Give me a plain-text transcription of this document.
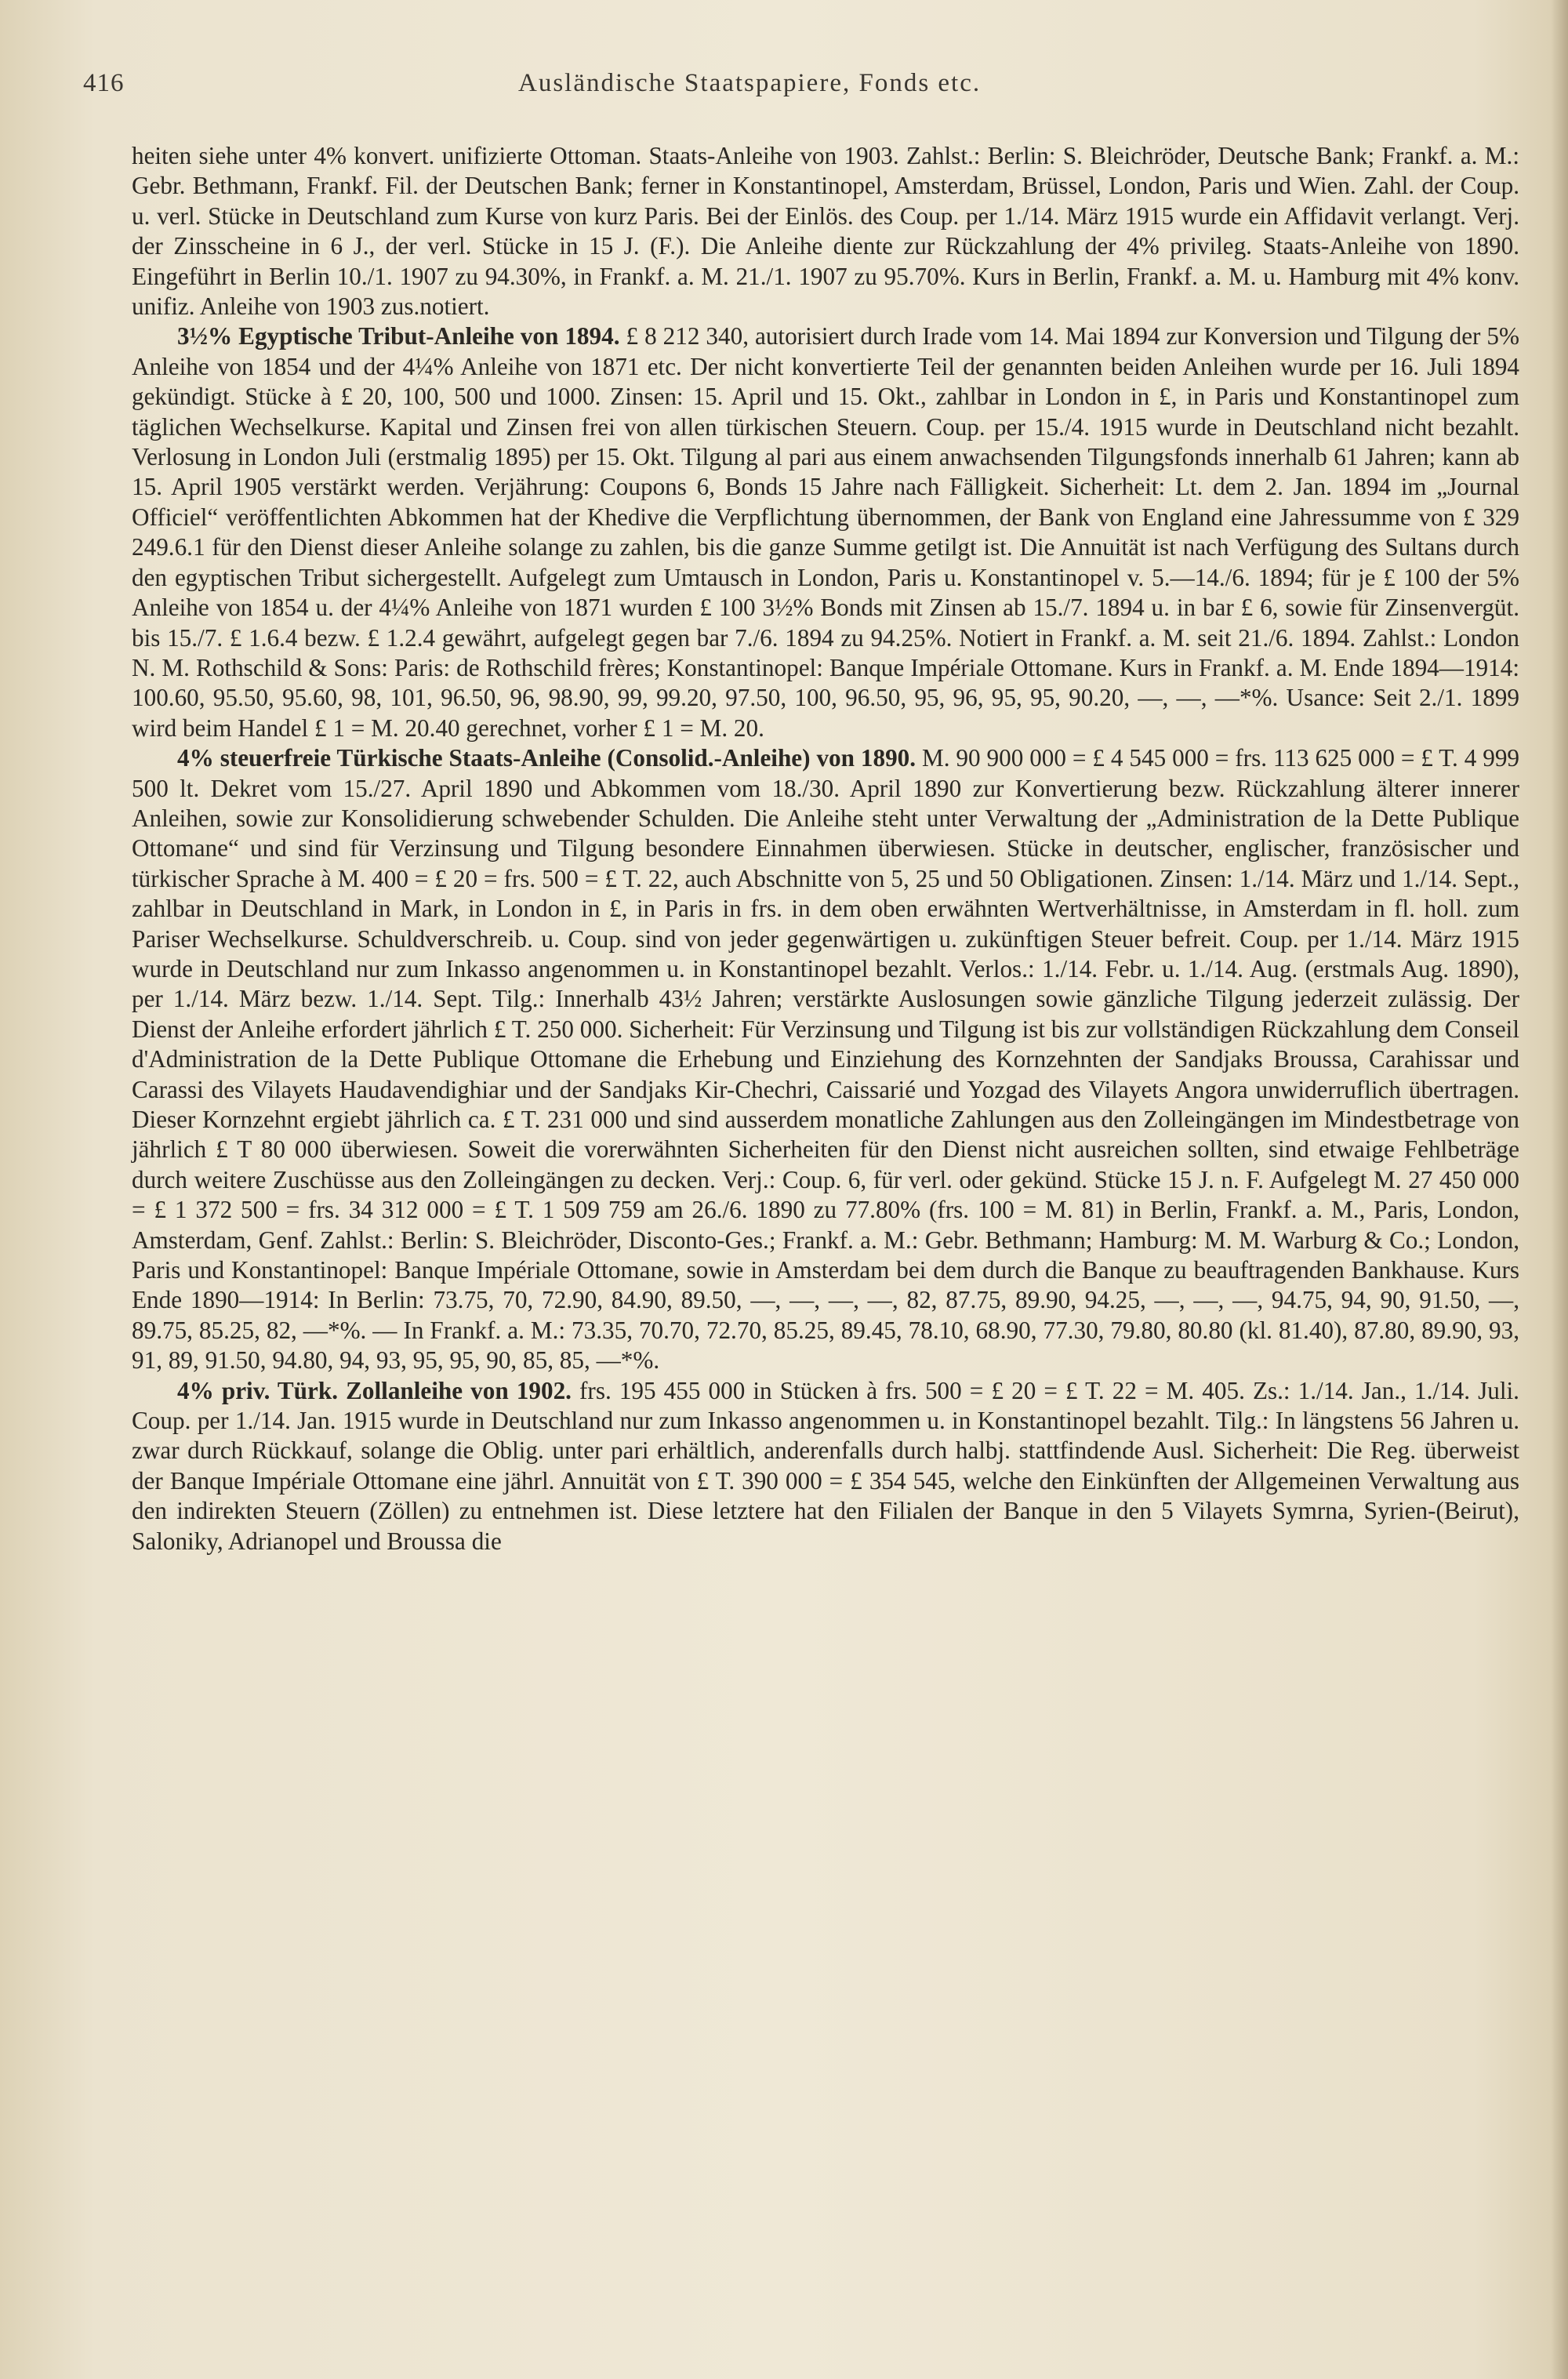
416	Ausländische Staatspapiere, Fonds etc.

heiten siehe unter 4% konvert. unifizierte Ottoman. Staats-Anleihe von 1903. Zahlst.: Berlin: S. Bleichröder, Deutsche Bank; Frankf. a. M.: Gebr. Bethmann, Frankf. Fil. der Deutschen Bank; ferner in Konstantinopel, Amsterdam, Brüssel, London, Paris und Wien. Zahl. der Coup. u. verl. Stücke in Deutschland zum Kurse von kurz Paris. Bei der Einlös. des Coup. per 1./14. März 1915 wurde ein Affidavit verlangt. Verj. der Zinsscheine in 6 J., der verl. Stücke in 15 J. (F.). Die Anleihe diente zur Rückzahlung der 4% privileg. Staats-Anleihe von 1890. Eingeführt in Berlin 10./1. 1907 zu 94.30%, in Frankf. a. M. 21./1. 1907 zu 95.70%. Kurs in Berlin, Frankf. a. M. u. Hamburg mit 4% konv. unifiz. Anleihe von 1903 zus.notiert.

3½% Egyptische Tribut-Anleihe von 1894. £ 8 212 340, autorisiert durch Irade vom 14. Mai 1894 zur Konversion und Tilgung der 5% Anleihe von 1854 und der 4¼% Anleihe von 1871 etc. Der nicht konvertierte Teil der genannten beiden Anleihen wurde per 16. Juli 1894 gekündigt. Stücke à £ 20, 100, 500 und 1000. Zinsen: 15. April und 15. Okt., zahlbar in London in £, in Paris und Konstantinopel zum täglichen Wechselkurse. Kapital und Zinsen frei von allen türkischen Steuern. Coup. per 15./4. 1915 wurde in Deutschland nicht bezahlt. Verlosung in London Juli (erstmalig 1895) per 15. Okt. Tilgung al pari aus einem anwachsenden Tilgungsfonds innerhalb 61 Jahren; kann ab 15. April 1905 verstärkt werden. Verjährung: Coupons 6, Bonds 15 Jahre nach Fälligkeit. Sicherheit: Lt. dem 2. Jan. 1894 im „Journal Officiel“ veröffentlichten Abkommen hat der Khedive die Verpflichtung übernommen, der Bank von England eine Jahressumme von £ 329 249.6.1 für den Dienst dieser Anleihe solange zu zahlen, bis die ganze Summe getilgt ist. Die Annuität ist nach Verfügung des Sultans durch den egyptischen Tribut sichergestellt. Aufgelegt zum Umtausch in London, Paris u. Konstantinopel v. 5.—14./6. 1894; für je £ 100 der 5% Anleihe von 1854 u. der 4¼% Anleihe von 1871 wurden £ 100 3½% Bonds mit Zinsen ab 15./7. 1894 u. in bar £ 6, sowie für Zinsenvergüt. bis 15./7. £ 1.6.4 bezw. £ 1.2.4 gewährt, aufgelegt gegen bar 7./6. 1894 zu 94.25%. Notiert in Frankf. a. M. seit 21./6. 1894. Zahlst.: London N. M. Rothschild & Sons: Paris: de Rothschild frères; Konstantinopel: Banque Impériale Ottomane. Kurs in Frankf. a. M. Ende 1894—1914: 100.60, 95.50, 95.60, 98, 101, 96.50, 96, 98.90, 99, 99.20, 97.50, 100, 96.50, 95, 96, 95, 95, 90.20, —, —, —*%. Usance: Seit 2./1. 1899 wird beim Handel £ 1 = M. 20.40 gerechnet, vorher £ 1 = M. 20.

4% steuerfreie Türkische Staats-Anleihe (Consolid.-Anleihe) von 1890. M. 90 900 000 = £ 4 545 000 = frs. 113 625 000 = £ T. 4 999 500 lt. Dekret vom 15./27. April 1890 und Abkommen vom 18./30. April 1890 zur Konvertierung bezw. Rückzahlung älterer innerer Anleihen, sowie zur Konsolidierung schwebender Schulden. Die Anleihe steht unter Verwaltung der „Administration de la Dette Publique Ottomane“ und sind für Verzinsung und Tilgung besondere Einnahmen überwiesen. Stücke in deutscher, englischer, französischer und türkischer Sprache à M. 400 = £ 20 = frs. 500 = £ T. 22, auch Abschnitte von 5, 25 und 50 Obligationen. Zinsen: 1./14. März und 1./14. Sept., zahlbar in Deutschland in Mark, in London in £, in Paris in frs. in dem oben erwähnten Wertverhältnisse, in Amsterdam in fl. holl. zum Pariser Wechselkurse. Schuldverschreib. u. Coup. sind von jeder gegenwärtigen u. zukünftigen Steuer befreit. Coup. per 1./14. März 1915 wurde in Deutschland nur zum Inkasso angenommen u. in Konstantinopel bezahlt. Verlos.: 1./14. Febr. u. 1./14. Aug. (erstmals Aug. 1890), per 1./14. März bezw. 1./14. Sept. Tilg.: Innerhalb 43½ Jahren; verstärkte Auslosungen sowie gänzliche Tilgung jederzeit zulässig. Der Dienst der Anleihe erfordert jährlich £ T. 250 000. Sicherheit: Für Verzinsung und Tilgung ist bis zur vollständigen Rückzahlung dem Conseil d'Administration de la Dette Publique Ottomane die Erhebung und Einziehung des Kornzehnten der Sandjaks Broussa, Carahissar und Carassi des Vilayets Haudavendighiar und der Sandjaks Kir-Chechri, Caissarié und Yozgad des Vilayets Angora unwiderruflich übertragen. Dieser Kornzehnt ergiebt jährlich ca. £ T. 231 000 und sind ausserdem monatliche Zahlungen aus den Zolleingängen im Mindestbetrage von jährlich £ T 80 000 überwiesen. Soweit die vorerwähnten Sicherheiten für den Dienst nicht ausreichen sollten, sind etwaige Fehlbeträge durch weitere Zuschüsse aus den Zolleingängen zu decken. Verj.: Coup. 6, für verl. oder gekünd. Stücke 15 J. n. F. Aufgelegt M. 27 450 000 = £ 1 372 500 = frs. 34 312 000 = £ T. 1 509 759 am 26./6. 1890 zu 77.80% (frs. 100 = M. 81) in Berlin, Frankf. a. M., Paris, London, Amsterdam, Genf. Zahlst.: Berlin: S. Bleichröder, Disconto-Ges.; Frankf. a. M.: Gebr. Bethmann; Hamburg: M. M. Warburg & Co.; London, Paris und Konstantinopel: Banque Impériale Ottomane, sowie in Amsterdam bei dem durch die Banque zu beauftragenden Bankhause. Kurs Ende 1890—1914: In Berlin: 73.75, 70, 72.90, 84.90, 89.50, —, —, —, —, 82, 87.75, 89.90, 94.25, —, —, —, 94.75, 94, 90, 91.50, —, 89.75, 85.25, 82, —*%. — In Frankf. a. M.: 73.35, 70.70, 72.70, 85.25, 89.45, 78.10, 68.90, 77.30, 79.80, 80.80 (kl. 81.40), 87.80, 89.90, 93, 91, 89, 91.50, 94.80, 94, 93, 95, 95, 90, 85, 85, —*%.

4% priv. Türk. Zollanleihe von 1902. frs. 195 455 000 in Stücken à frs. 500 = £ 20 = £ T. 22 = M. 405. Zs.: 1./14. Jan., 1./14. Juli. Coup. per 1./14. Jan. 1915 wurde in Deutschland nur zum Inkasso angenommen u. in Konstantinopel bezahlt. Tilg.: In längstens 56 Jahren u. zwar durch Rückkauf, solange die Oblig. unter pari erhältlich, anderenfalls durch halbj. stattfindende Ausl. Sicherheit: Die Reg. überweist der Banque Impériale Ottomane eine jährl. Annuität von £ T. 390 000 = £ 354 545, welche den Einkünften der Allgemeinen Verwaltung aus den indirekten Steuern (Zöllen) zu entnehmen ist. Diese letztere hat den Filialen der Banque in den 5 Vilayets Symrna, Syrien-(Beirut), Saloniky, Adrianopel und Broussa die
